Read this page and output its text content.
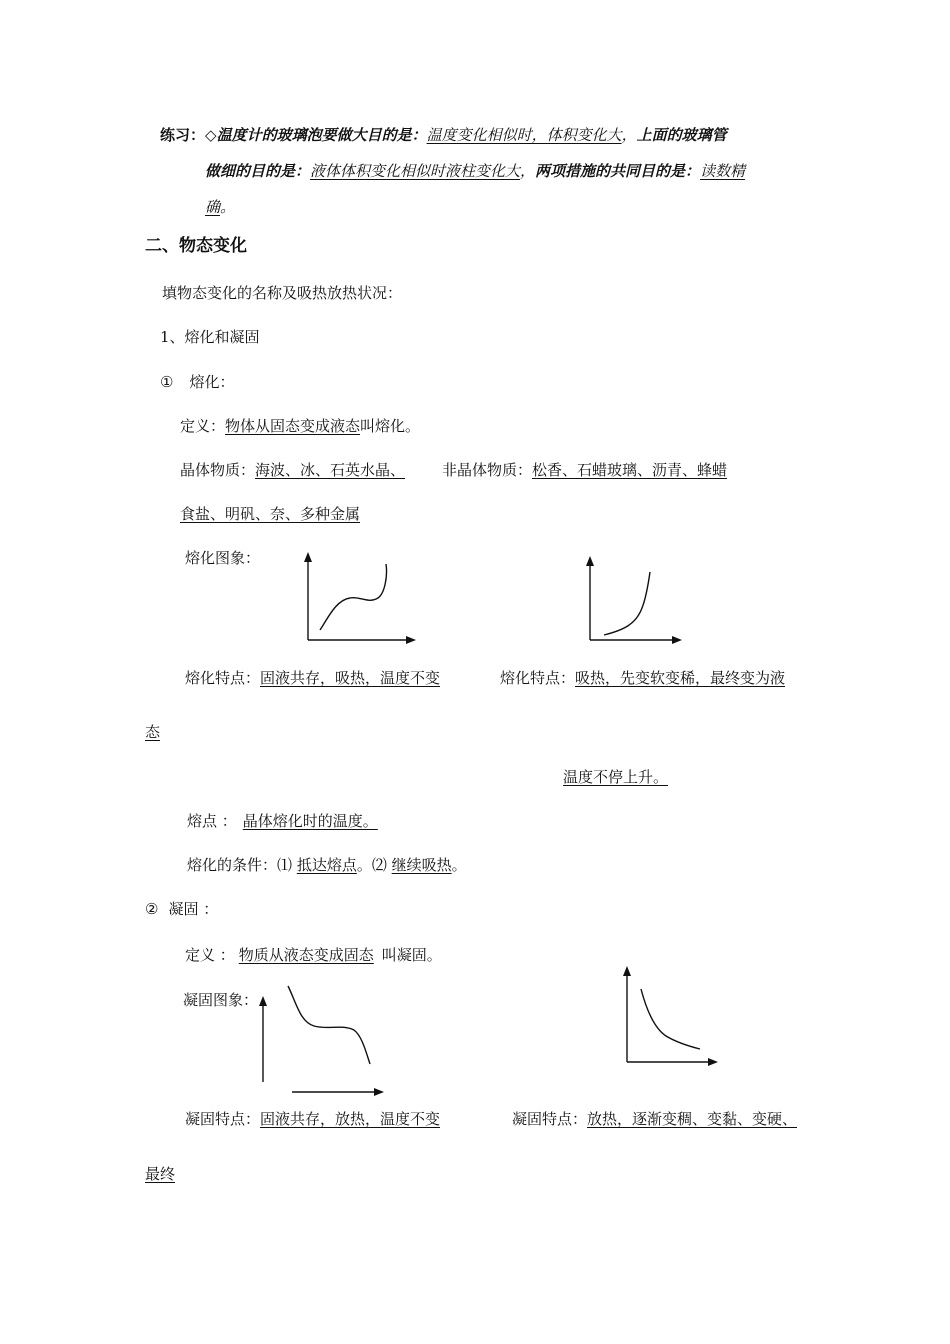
练习：◇温度计的玻璃泡要做大目的是：温度变化相似时，体积变化大，上面的玻璃管
做细的目的是：液体体积变化相似时液柱变化大，两项措施的共同目的是：读数精
确。
二、物态变化
填物态变化的名称及吸热放热状况：
1、熔化和凝固
① 熔化：
定义：物体从固态变成液态叫熔化。
晶体物质：海波、冰、石英水晶、 非晶体物质：松香、石蜡玻璃、沥青、蜂蜡
食盐、明矾、奈、多种金属
熔化图象：
熔化特点：固液共存，吸热，温度不变	熔化特点：吸热，先变软变稀，最终变为液
态
温度不停上升。
熔点 ： 晶体熔化时的温度。
熔化的条件：⑴ 抵达熔点。⑵ 继续吸热。
② 凝固 ：
定义 ： 物质从液态变成固态 叫凝固。
凝固图象：
凝固特点：固液共存，放热，温度不变	凝固特点：放热，逐渐变稠、变黏、变硬、
最终
